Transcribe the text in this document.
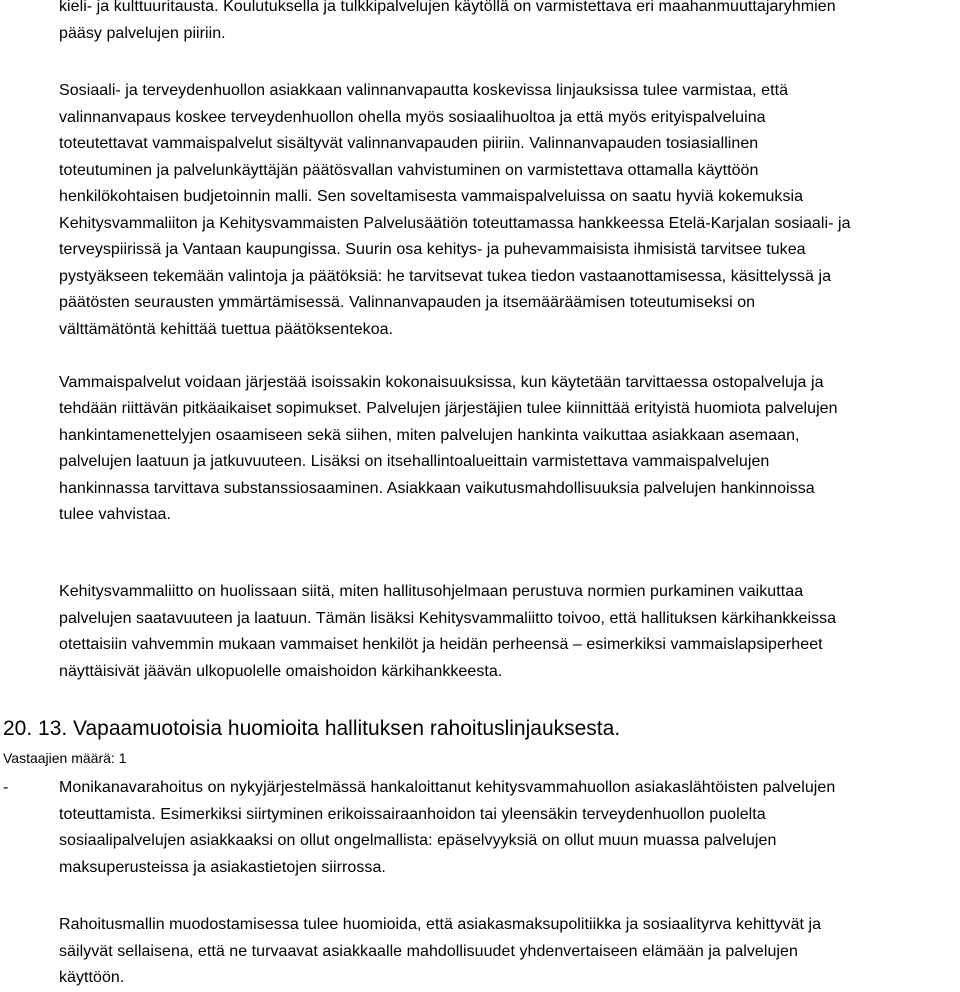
kieli- ja kulttuuritausta. Koulutuksella ja tulkkipalvelujen käytöllä on varmistettava eri maahanmuuttajaryhmien
pääsy palvelujen piiriin.

Sosiaali- ja terveydenhuollon asiakkaan valinnanvapautta koskevissa linjauksissa tulee varmistaa, että
valinnanvapaus koskee terveydenhuollon ohella myös sosiaalihuoltoa ja että myös erityispalveluina
toteutettavat vammaispalvelut sisältyvät valinnanvapauden piiriin. Valinnanvapauden tosiasiallinen
toteutuminen ja palvelunkäyttäjän päätösvallan vahvistuminen on varmistettava ottamalla käyttöön
henkilökohtaisen budjetoinnin malli. Sen soveltamisesta vammaispalveluissa on saatu hyviä kokemuksia
Kehitysvammaliiton ja Kehitysvammaisten Palvelusäätiön toteuttamassa hankkeessa Etelä-Karjalan sosiaali- ja
terveyspiirissä ja Vantaan kaupungissa. Suurin osa kehitys- ja puhevammaisista ihmisistä tarvitsee tukea
pystyäkseen tekemään valintoja ja päätöksiä: he tarvitsevat tukea tiedon vastaanottamisessa, käsittelyssä ja
päätösten seurausten ymmärtämisessä. Valinnanvapauden ja itsemääräämisen toteutumiseksi on
välttämätöntä kehittää tuettua päätöksentekoa.

Vammaispalvelut voidaan järjestää isoissakin kokonaisuuksissa, kun käytetään tarvittaessa ostopalveluja ja
tehdään riittävän pitkäaikaiset sopimukset. Palvelujen järjestäjien tulee kiinnittää erityistä huomiota palvelujen
hankintamenettelyjen osaamiseen sekä siihen, miten palvelujen hankinta vaikuttaa asiakkaan asemaan,
palvelujen laatuun ja jatkuvuuteen. Lisäksi on itsehallintoalueittain varmistettava vammaispalvelujen
hankinnassa tarvittava substanssiosaaminen. Asiakkaan vaikutusmahdollisuuksia palvelujen hankinnoissa
tulee vahvistaa.

Kehitysvammaliitto on huolissaan siitä, miten hallitusohjelmaan perustuva normien purkaminen vaikuttaa
palvelujen saatavuuteen ja laatuun. Tämän lisäksi Kehitysvammaliitto toivoo, että hallituksen kärkihankkeissa
otettaisiin vahvemmin mukaan vammaiset henkilöt ja heidän perheensä – esimerkiksi vammaislapsiperheet
näyttäisivät jäävän ulkopuolelle omaishoidon kärkihankkeesta.

20. 13. Vapaamuotoisia huomioita hallituksen rahoituslinjauksesta.

Vastaajien määrä: 1

-	Monikanavarahoitus on nykyjärjestelmässä hankaloittanut kehitysvammahuollon asiakaslähtöisten palvelujen
toteuttamista. Esimerkiksi siirtyminen erikoissairaanhoidon tai yleensäkin terveydenhuollon puolelta
sosiaalipalvelujen asiakkaaksi on ollut ongelmallista: epäselvyyksiä on ollut muun muassa palvelujen
maksuperusteissa ja asiakastietojen siirrossa.

Rahoitusmallin muodostamisessa tulee huomioida, että asiakasmaksupolitiikka ja sosiaalityrva kehittyvät ja
säilyvät sellaisena, että ne turvaavat asiakkaalle mahdollisuudet yhdenvertaiseen elämään ja palvelujen
käyttöön.
